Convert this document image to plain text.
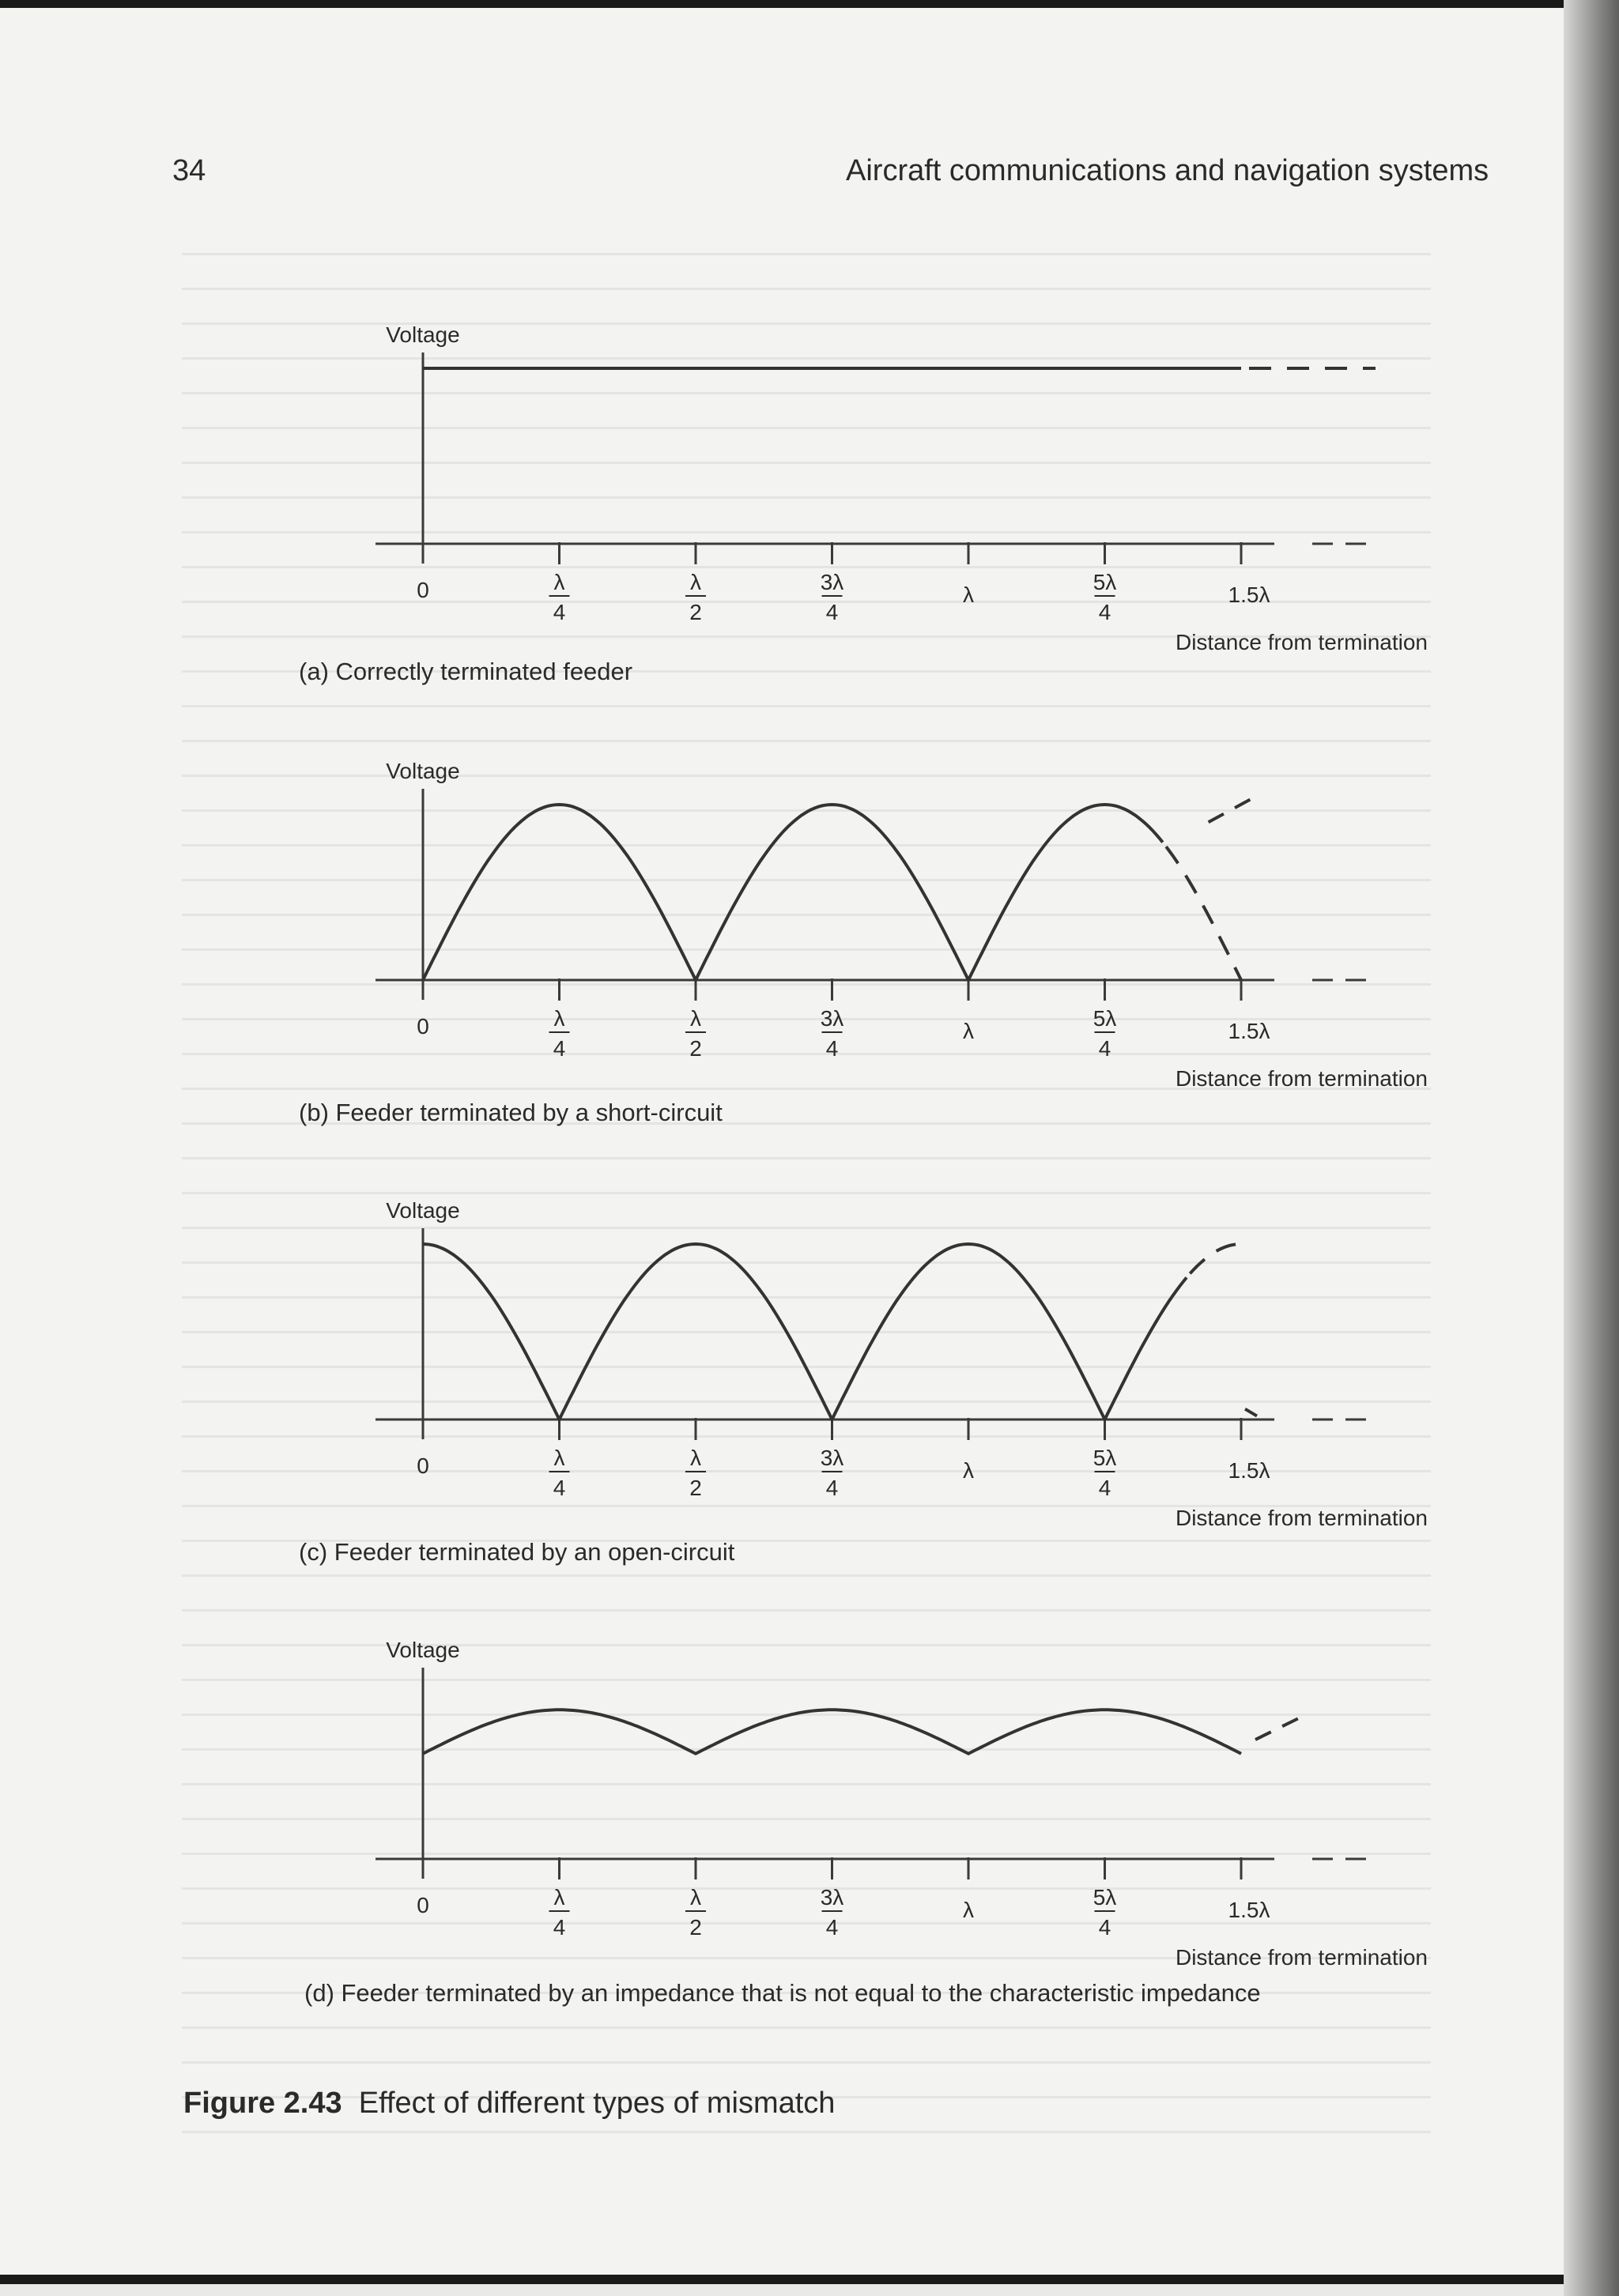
34	Aircraft communications and navigation systems
(a) Correctly terminated feeder
(b) Feeder terminated by a short-circuit
(c) Feeder terminated by an open-circuit
(d) Feeder terminated by an impedance that is not equal to the characteristic impedance
Figure 2.43 Effect of different types of mismatch
Voltage
Distance from termination
0	λ
4
λ
2
3λ
4
λ
5λ
4
1.5λ
Voltage
Distance from termination
0	λ
4
λ
2
3λ
4
λ
5λ
4
1.5λ
Voltage
Distance from termination
0	λ
4
λ
2
3λ
4
λ
5λ
4
1.5λ
Voltage
Distance from termination
0	λ
4
λ
2
3λ
4
λ
5λ
4
1.5λ
